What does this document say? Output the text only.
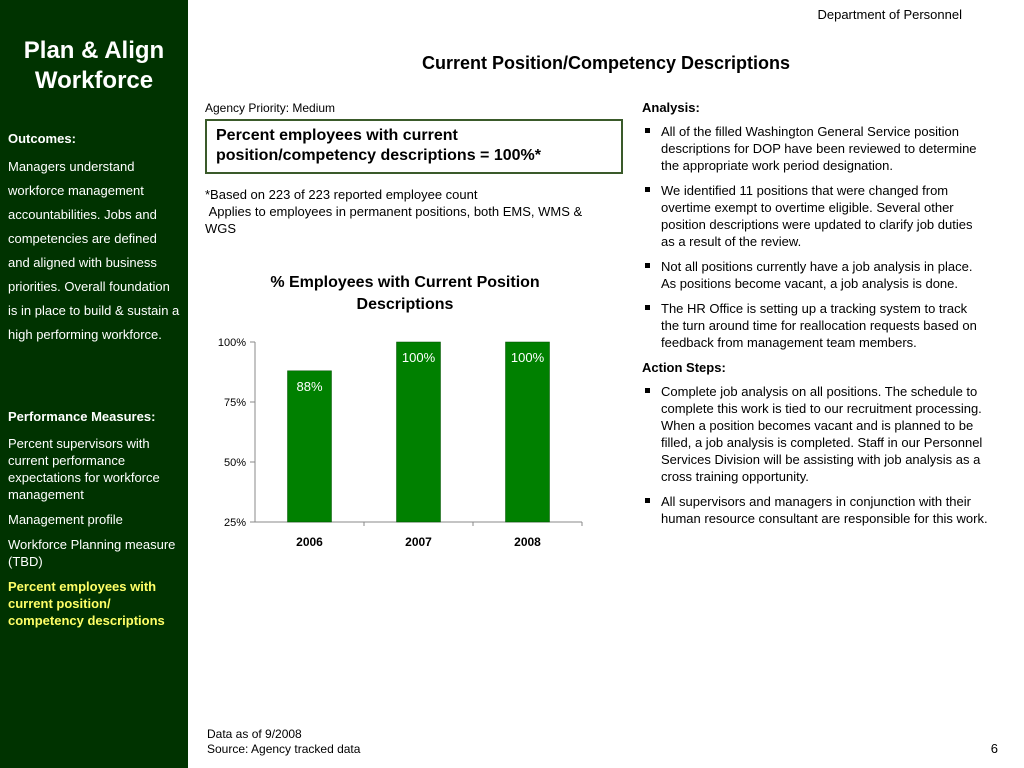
Plan & Align Workforce
Outcomes:
Managers understand workforce management accountabilities. Jobs and competencies are defined and aligned with business priorities. Overall foundation is in place to build & sustain a high performing workforce.
Performance Measures:
Percent supervisors with current performance expectations for workforce management
Management profile
Workforce Planning measure (TBD)
Percent employees with current position/ competency descriptions
Department of Personnel
Current Position/Competency Descriptions
Agency Priority: Medium
Percent employees with current position/competency descriptions = 100%*
*Based on 223 of 223 reported employee count
Applies to employees in permanent positions, both EMS, WMS & WGS
% Employees with Current Position Descriptions
25%
50%
75%
100%
88%
2006
100%
2007
100%
2008
Analysis:
All of the filled Washington General Service position descriptions for DOP have been reviewed to determine the appropriate work period designation.
We identified 11 positions that were changed from overtime exempt to overtime eligible. Several other position descriptions were updated to clarify job duties as a result of the review.
Not all positions currently have a job analysis in place. As positions become vacant, a job analysis is done.
The HR Office is setting up a tracking system to track the turn around time for reallocation requests based on feedback from management team members.
Action Steps:
Complete job analysis on all positions. The schedule to complete this work is tied to our recruitment processing. When a position becomes vacant and is planned to be filled, a job analysis is completed. Staff in our Personnel Services Division will be assisting with job analysis as a cross training opportunity.
All supervisors and managers in conjunction with their human resource consultant are responsible for this work.
Data as of 9/2008
Source: Agency tracked data	6
